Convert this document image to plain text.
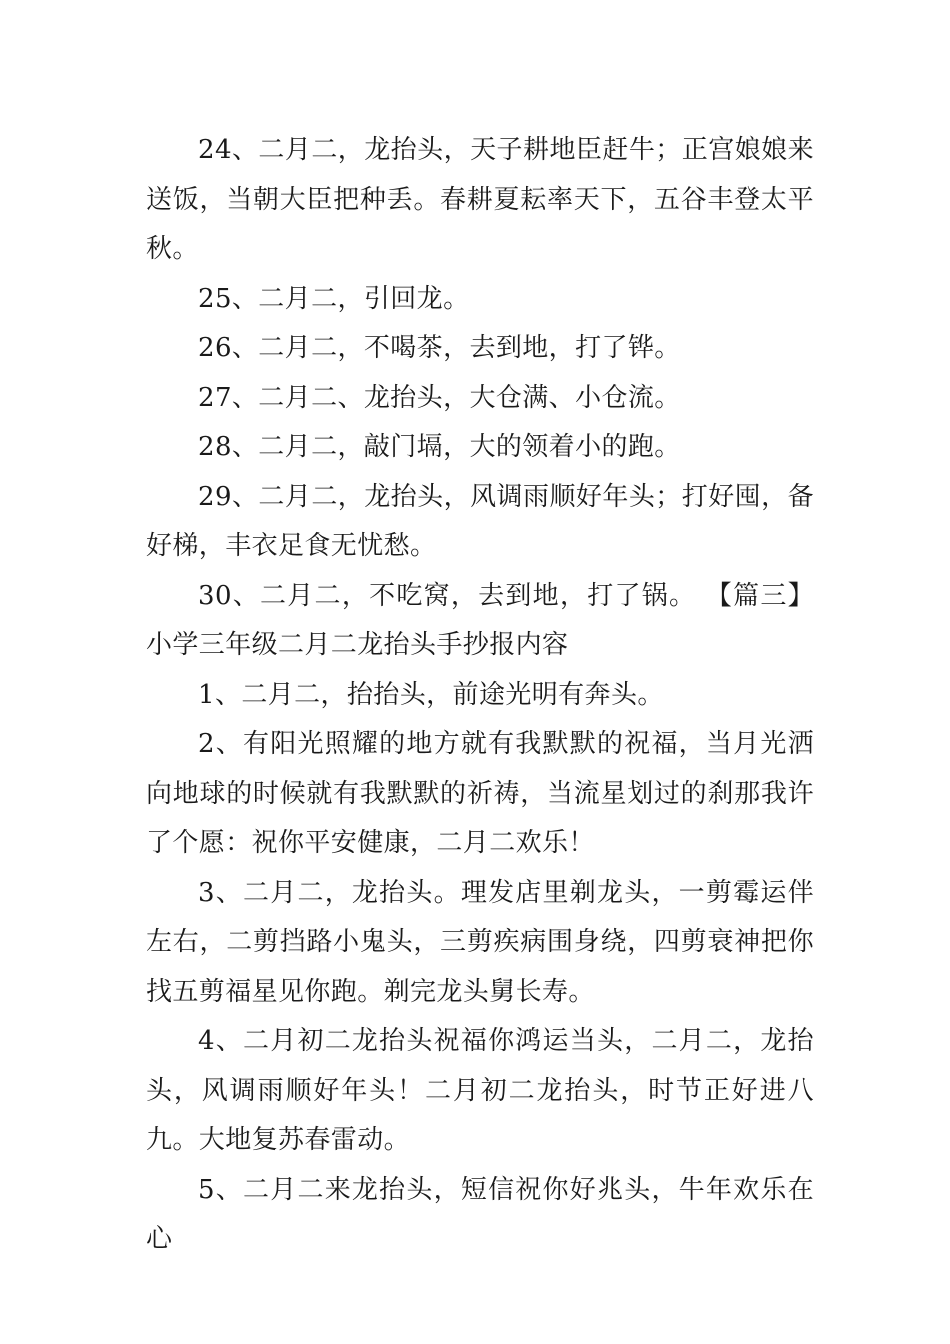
24、二月二，龙抬头，天子耕地臣赶牛；正宫娘娘来送饭，当朝大臣把种丢。春耕夏耘率天下，五谷丰登太平秋。

25、二月二，引回龙。

26、二月二，不喝茶，去到地，打了铧。

27、二月二、龙抬头，大仓满、小仓流。

28、二月二，敲门塥，大的领着小的跑。

29、二月二，龙抬头，风调雨顺好年头；打好囤，备好梯，丰衣足食无忧愁。

30、二月二，不吃窝，去到地，打了锅。 【篇三】小学三年级二月二龙抬头手抄报内容

1、二月二，抬抬头，前途光明有奔头。

2、有阳光照耀的地方就有我默默的祝福，当月光洒向地球的时候就有我默默的祈祷，当流星划过的刹那我许了个愿：祝你平安健康，二月二欢乐！

3、二月二，龙抬头。理发店里剃龙头，一剪霉运伴左右，二剪挡路小鬼头，三剪疾病围身绕，四剪衰神把你找五剪福星见你跑。剃完龙头舅长寿。

4、二月初二龙抬头祝福你鸿运当头，二月二，龙抬头，风调雨顺好年头！二月初二龙抬头，时节正好进八九。大地复苏春雷动。

5、二月二来龙抬头，短信祝你好兆头，牛年欢乐在心
